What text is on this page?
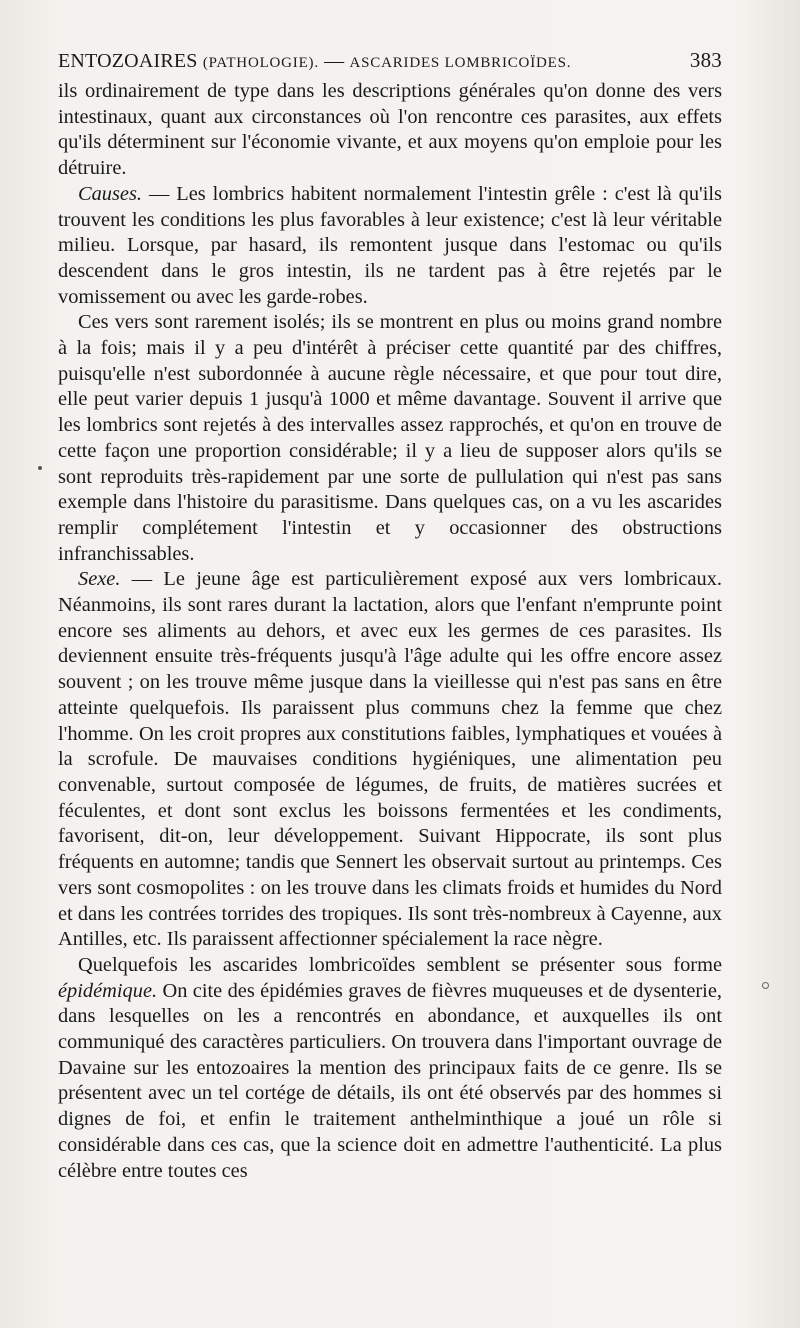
ENTOZOAIRES (PATHOLOGIE). — ASCARIDES LOMBRICOÏDES.	383

ils ordinairement de type dans les descriptions générales qu'on donne des vers intestinaux, quant aux circonstances où l'on rencontre ces parasites, aux effets qu'ils déterminent sur l'économie vivante, et aux moyens qu'on emploie pour les détruire.

Causes. — Les lombrics habitent normalement l'intestin grêle : c'est là qu'ils trouvent les conditions les plus favorables à leur existence; c'est là leur véritable milieu. Lorsque, par hasard, ils remontent jusque dans l'estomac ou qu'ils descendent dans le gros intestin, ils ne tardent pas à être rejetés par le vomissement ou avec les garde-robes.

Ces vers sont rarement isolés; ils se montrent en plus ou moins grand nombre à la fois; mais il y a peu d'intérêt à préciser cette quantité par des chiffres, puisqu'elle n'est subordonnée à aucune règle nécessaire, et que pour tout dire, elle peut varier depuis 1 jusqu'à 1000 et même davantage. Souvent il arrive que les lombrics sont rejetés à des intervalles assez rapprochés, et qu'on en trouve de cette façon une proportion considérable; il y a lieu de supposer alors qu'ils se sont reproduits très-rapidement par une sorte de pullulation qui n'est pas sans exemple dans l'histoire du parasitisme. Dans quelques cas, on a vu les ascarides remplir complétement l'intestin et y occasionner des obstructions infranchissables.

Sexe. — Le jeune âge est particulièrement exposé aux vers lombricaux. Néanmoins, ils sont rares durant la lactation, alors que l'enfant n'emprunte point encore ses aliments au dehors, et avec eux les germes de ces parasites. Ils deviennent ensuite très-fréquents jusqu'à l'âge adulte qui les offre encore assez souvent ; on les trouve même jusque dans la vieillesse qui n'est pas sans en être atteinte quelquefois. Ils paraissent plus communs chez la femme que chez l'homme. On les croit propres aux constitutions faibles, lymphatiques et vouées à la scrofule. De mauvaises conditions hygiéniques, une alimentation peu convenable, surtout composée de légumes, de fruits, de matières sucrées et féculentes, et dont sont exclus les boissons fermentées et les condiments, favorisent, dit-on, leur développement. Suivant Hippocrate, ils sont plus fréquents en automne; tandis que Sennert les observait surtout au printemps. Ces vers sont cosmopolites : on les trouve dans les climats froids et humides du Nord et dans les contrées torrides des tropiques. Ils sont très-nombreux à Cayenne, aux Antilles, etc. Ils paraissent affectionner spécialement la race nègre.

Quelquefois les ascarides lombricoïdes semblent se présenter sous forme épidémique. On cite des épidémies graves de fièvres muqueuses et de dysenterie, dans lesquelles on les a rencontrés en abondance, et auxquelles ils ont communiqué des caractères particuliers. On trouvera dans l'important ouvrage de Davaine sur les entozoaires la mention des principaux faits de ce genre. Ils se présentent avec un tel cortége de détails, ils ont été observés par des hommes si dignes de foi, et enfin le traitement anthelminthique a joué un rôle si considérable dans ces cas, que la science doit en admettre l'authenticité. La plus célèbre entre toutes ces
